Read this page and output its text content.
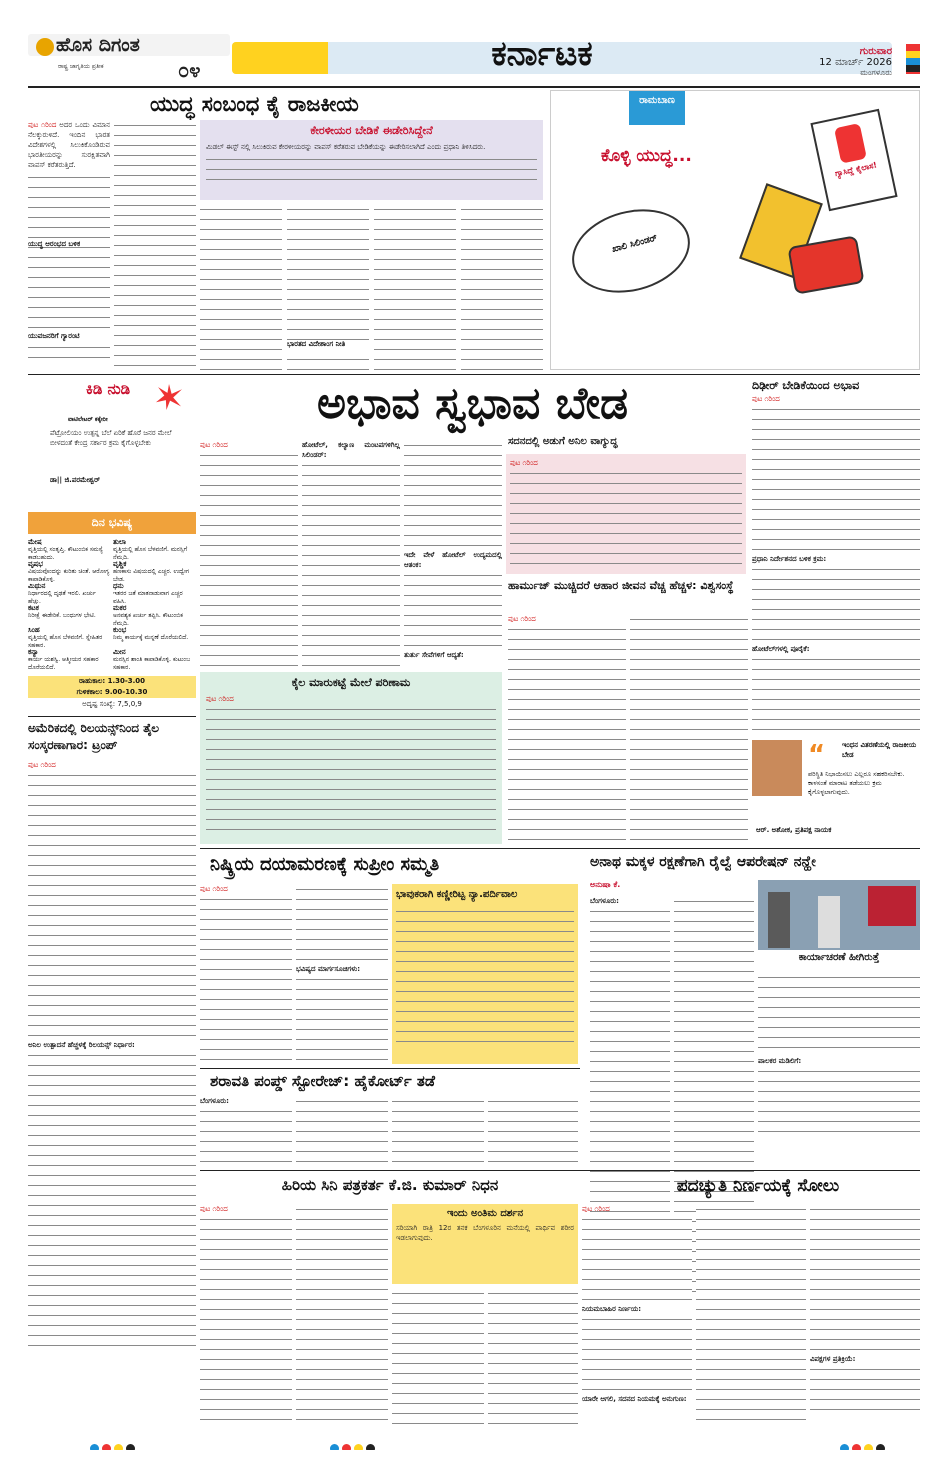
ಹೊಸ ದಿಗಂತ
ರಾಷ್ಟ್ರ ಜಾಗೃತಿಯ ಪ್ರತೀಕ	೦೪	ಕರ್ನಾಟಕ	ಗುರುವಾರ
12 ಮಾರ್ಚ್ 2026
ಮಂಗಳೂರು
ಯುದ್ಧ ಸಂಬಂಧ ಕೈ ರಾಜಕೀಯ
ಪುಟ ೧ರಿಂದ ಅದರ ಒಂದು ವಿಮಾನ ನೆಲಕ್ಕುರುಳಿದೆ. ಇಂದಿನ ಭಾರತ ವಿದೇಶಗಳಲ್ಲಿ ಸಿಲುಕಿಕೊಂಡಿರುವ ಭಾರತೀಯರನ್ನು ಸುರಕ್ಷಿತವಾಗಿ ವಾಪಸ್ ಕರೆತರುತ್ತಿದೆ.
ಕೇರಳೀಯರ ಬೇಡಿಕೆ ಈಡೇರಿಸಿದ್ದೇನೆ
ಮಿಡಲ್ ಈಸ್ಟ್ ನಲ್ಲಿ ಸಿಲುಕಿರುವ ಕೇರಳೀಯರನ್ನು ವಾಪಸ್ ಕರೆತರುವ ಬೇಡಿಕೆಯನ್ನು ಈಡೇರಿಸಲಾಗಿದೆ ಎಂದು ಪ್ರಧಾನಿ ತಿಳಿಸಿದರು.
ಯುದ್ಧ ಆರಂಭದ ಬಳಿಕ
ಯುವಜನರಿಗೆ ಗ್ಯಾರಂಟಿ
ಭಾರತದ ವಿದೇಶಾಂಗ ನೀತಿ
ರಾಮಬಾಣ
ಖಾಲಿ ಸಿಲಿಂಡರ್
ಕೊಳ್ಳಿ ಯುದ್ಧ...
ಗ್ಯಾಸಿದ್ದೆ ಕೈಲಾಸ!
ಕಿಡಿ ನುಡಿ
ವಾಟಿಲೇಟರ್ ಕಕ್ಕೇರೀ
ಪೆಟ್ರೋಲಿಯಂ ಉತ್ಪನ್ನ ಬೆಲೆ ಏರಿಕೆ ಹೊರೆ ಜನರ ಮೇಲೆ ಬೀಳದಂತೆ ಕೇಂದ್ರ ಸರ್ಕಾರ ಕ್ರಮ ಕೈಗೊಳ್ಳಬೇಕು
ಡಾ|| ಜಿ.ಪರಮೇಶ್ವರ್
ದಿನ ಭವಿಷ್ಯ
ಮೇಷ
ವೃತ್ತಿಯಲ್ಲಿ ಸಂತೃಪ್ತಿ. ಕೌಟುಂಬಿಕ ಸಮಸ್ಯೆ ಕಾಡಬಹುದು.
ವೃಷಭ
ವಿಷಯವೊಂದನ್ನು ಕುರಿತು ಚಿಂತೆ. ಆರೋಗ್ಯ ಕಾಪಾಡಿಕೊಳ್ಳಿ.
ಮಿಥುನ
ನಿರ್ಧಾರದಲ್ಲಿ ದೃಢತೆ ಇರಲಿ. ಖರ್ಚು ಹೆಚ್ಚು.
ಕಟಕ
ನಿರೀಕ್ಷೆ ಈಡೇರಿಕೆ. ಬಂಧುಗಳ ಭೇಟಿ.
ಸಿಂಹ
ವೃತ್ತಿಯಲ್ಲಿ ಹೊಸ ಬೆಳವಣಿಗೆ. ಸ್ನೇಹಿತರ ಸಹಕಾರ.
ಕನ್ಯಾ
ಕಾರ್ಯ ಯಶಸ್ವಿ. ಆತ್ಮೀಯರ ಸಹಕಾರ ದೊರೆಯಲಿದೆ.
ತುಲಾ
ವೃತ್ತಿಯಲ್ಲಿ ಹೊಸ ಬೆಳವಣಿಗೆ. ಮನಸ್ಸಿಗೆ ನೆಮ್ಮದಿ.
ವೃಶ್ಚಿಕ
ಹಣಕಾಸು ವಿಷಯದಲ್ಲಿ ಎಚ್ಚರ. ಉದ್ವೇಗ ಬೇಡ.
ಧನು
ಇತರರ ಜತೆ ಮಾತನಾಡುವಾಗ ಎಚ್ಚರ ವಹಿಸಿ.
ಮಕರ
ಅನವಶ್ಯಕ ಖರ್ಚು ತಪ್ಪಿಸಿ. ಕೌಟುಂಬಿಕ ನೆಮ್ಮದಿ.
ಕುಂಭ
ನಿಮ್ಮ ಕಾರ್ಯಕ್ಕೆ ಮನ್ನಣೆ ದೊರೆಯಲಿದೆ.
ಮೀನ
ಮನಸ್ಸಿನ ಶಾಂತಿ ಕಾಪಾಡಿಕೊಳ್ಳಿ. ಕುಟುಂಬ ಸಹಕಾರ.
ರಾಹುಕಾಲ: 1.30-3.00
ಗುಳಿಕಕಾಲ: 9.00-10.30
ಅದೃಷ್ಟ ಸಂಖ್ಯೆ: 7,5,0,9
ಅಮೆರಿಕದಲ್ಲಿ ರಿಲಯನ್ಸ್‌ನಿಂದ ತೈಲ ಸಂಸ್ಕರಣಾಗಾರ: ಟ್ರಂಪ್
ಪುಟ ೧ರಿಂದ
ಅನಿಲ ಉತ್ಪಾದನೆ ಹೆಚ್ಚಳಕ್ಕೆ ರಿಲಯನ್ಸ್ ನಿರ್ಧಾರ:
ಅಭಾವ ಸ್ವಭಾವ ಬೇಡ
ಪುಟ ೧ರಿಂದ	ಹೋಟೆಲ್, ಕಲ್ಯಾಣ ಮಂಟಪಗಳಿಗಿಲ್ಲ ಸಿಲಿಂಡರ್:
ಇದೇ ವೇಳೆ ಹೋಟೆಲ್ ಉದ್ಯಮದಲ್ಲಿ ಆತಂಕ:
ತುರ್ತು ಸೇವೆಗಳಿಗೆ ಆದ್ಯತೆ:
ಸದನದಲ್ಲಿ ಅಡುಗೆ ಅನಿಲ ವಾಗ್ಯುದ್ಧ
ಪುಟ ೧ರಿಂದ
ಹಾರ್ಮುಜ್ ಮುಚ್ಚಿದರೆ ಆಹಾರ ಜೀವನ ವೆಚ್ಚ ಹೆಚ್ಚಳ: ವಿಶ್ವಸಂಸ್ಥೆ
ಪುಟ ೧ರಿಂದ
ಕೈಲ ಮಾರುಕಟ್ಟೆ ಮೇಲೆ ಪರಿಣಾಮ
ಪುಟ ೧ರಿಂದ
ದಿಢೀರ್ ಬೇಡಿಕೆಯಿಂದ ಅಭಾವ
ಪುಟ ೧ರಿಂದ
ಪ್ರಧಾನಿ ನಿರ್ದೇಶನದ ಬಳಿಕ ಕ್ರಮ:
ಹೋಟೆಲ್‌ಗಳಲ್ಲಿ ಪೂರೈಕೆ:
“	ಇಂಧನ ವಿತರಣೆಯಲ್ಲಿ ರಾಜಕೀಯ ಬೇಡ
ಪರಿಸ್ಥಿತಿ ನಿಭಾಯಿಸಲು ಎಲ್ಲರೂ ಸಹಕರಿಸಬೇಕು. ಕಾಳಸಂತೆ ಮಾರಾಟ ತಡೆಯಲು ಕ್ರಮ ಕೈಗೊಳ್ಳಲಾಗುವುದು.
ಆರ್. ಅಶೋಕ, ಪ್ರತಿಪಕ್ಷ ನಾಯಕ
ನಿಷ್ಕ್ರಿಯ ದಯಾಮರಣಕ್ಕೆ ಸುಪ್ರೀಂ ಸಮ್ಮತಿ
ಪುಟ ೧ರಿಂದ
ಭವಿಷ್ಯದ ಮಾರ್ಗಸೂಚಿಗಳು:
ಭಾವುಕರಾಗಿ ಕಣ್ಣೀರಿಟ್ಟ ನ್ಯಾ.ಪರ್ದಿವಾಲ
ಅನಾಥ ಮಕ್ಕಳ ರಕ್ಷಣೆಗಾಗಿ ರೈಲ್ವೆ ಆಪರೇಷನ್ ನನ್ಹೇ
ಅನುಷಾ ಕೆ.
ಬೆಂಗಳೂರು:
ಕಾರ್ಯಾಚರಣೆ ಹೀಗಿರುತ್ತೆ
ಪಾಲಕರ ಮಡಿಲಿಗೆ:
ಶರಾವತಿ ಪಂಪ್ಡ್ ಸ್ಟೋರೇಜ್: ಹೈಕೋರ್ಟ್ ತಡೆ
ಬೆಂಗಳೂರು:
ಹಿರಿಯ ಸಿನಿ ಪತ್ರಕರ್ತ ಕೆ.ಜಿ. ಕುಮಾರ್ ನಿಧನ
ಪುಟ ೧ರಿಂದ	ಇಂದು ಅಂತಿಮ ದರ್ಶನ
ಸರಿಯಾಗಿ ರಾತ್ರಿ 12ರ ತನಕ ಬೆಂಗಳೂರಿನ ಮನೆಯಲ್ಲಿ ಪಾರ್ಥಿವ ಶರೀರ ಇಡಲಾಗುವುದು.
ಪದಚ್ಯುತಿ ನಿರ್ಣಯಕ್ಕೆ ಸೋಲು
ಪುಟ ೧ರಿಂದ
ನಿಯಮಬಾಹಿರ ನಿರ್ಣಯ:
ಯಾರೇ ಆಗಲಿ, ಸದನದ ನಿಯಮಕ್ಕೆ ಅನುಗುಣ:
ವಿಪಕ್ಷಗಳ ಪ್ರತಿಕ್ರಿಯೆ:
